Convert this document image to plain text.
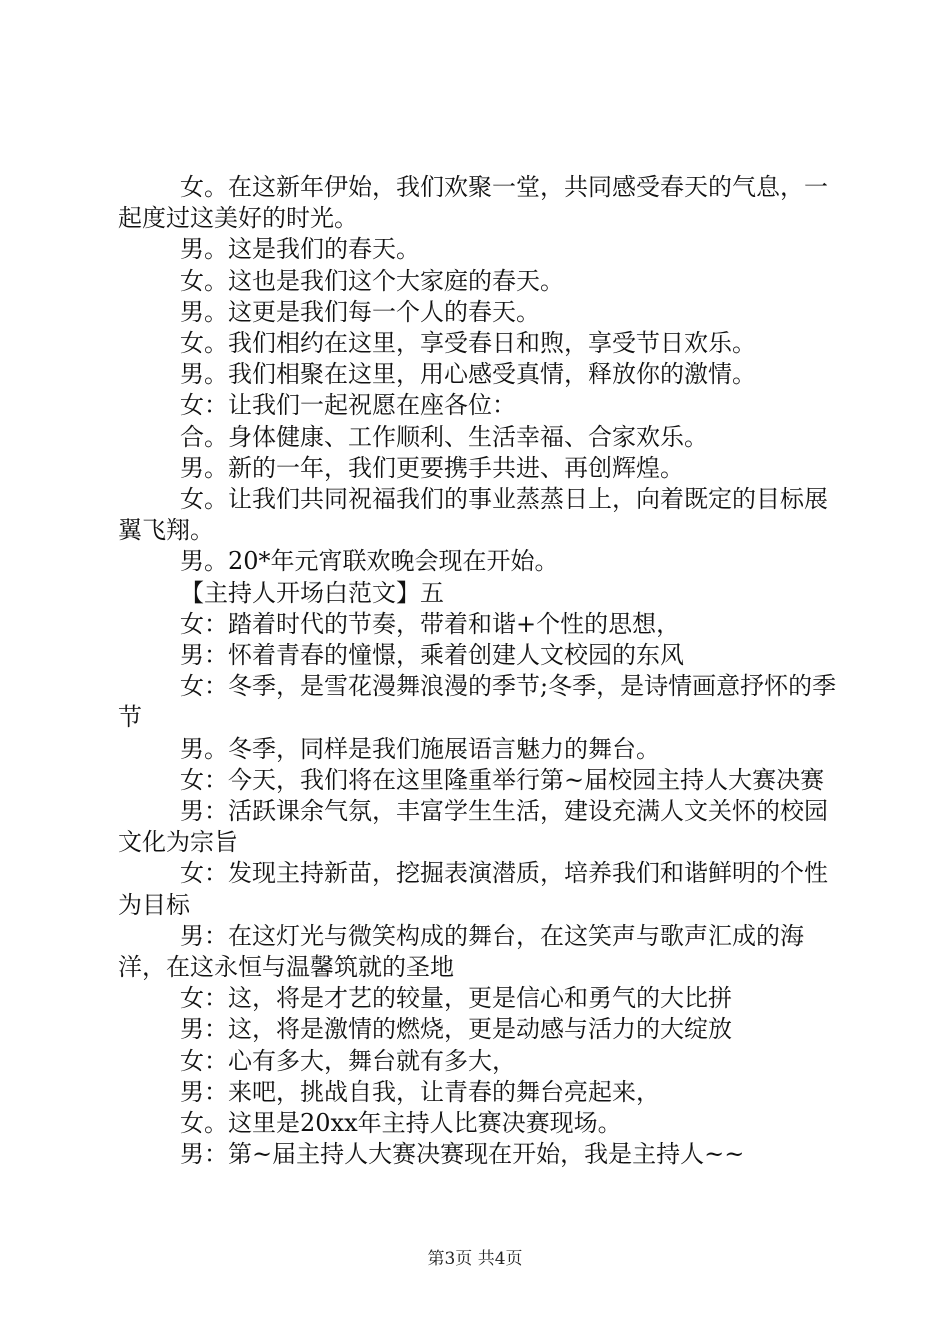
女。在这新年伊始，我们欢聚一堂，共同感受春天的气息，一起度过这美好的时光。

男。这是我们的春天。

女。这也是我们这个大家庭的春天。

男。这更是我们每一个人的春天。

女。我们相约在这里，享受春日和煦，享受节日欢乐。

男。我们相聚在这里，用心感受真情，释放你的激情。

女：让我们一起祝愿在座各位：

合。身体健康、工作顺利、生活幸福、合家欢乐。

男。新的一年，我们更要携手共进、再创辉煌。

女。让我们共同祝福我们的事业蒸蒸日上，向着既定的目标展翼飞翔。

男。20*年元宵联欢晚会现在开始。

【主持人开场白范文】五

女：踏着时代的节奏，带着和谐+个性的思想，

男：怀着青春的憧憬，乘着创建人文校园的东风

女：冬季，是雪花漫舞浪漫的季节;冬季，是诗情画意抒怀的季节

男。冬季，同样是我们施展语言魅力的舞台。

女：今天，我们将在这里隆重举行第~届校园主持人大赛决赛

男：活跃课余气氛，丰富学生生活，建设充满人文关怀的校园文化为宗旨

女：发现主持新苗，挖掘表演潜质，培养我们和谐鲜明的个性为目标

男：在这灯光与微笑构成的舞台，在这笑声与歌声汇成的海洋，在这永恒与温馨筑就的圣地

女：这，将是才艺的较量，更是信心和勇气的大比拼

男：这，将是激情的燃烧，更是动感与活力的大绽放

女：心有多大，舞台就有多大，

男：来吧，挑战自我，让青春的舞台亮起来，

女。这里是20xx年主持人比赛决赛现场。

男：第~届主持人大赛决赛现在开始，我是主持人~~

第3页 共4页
